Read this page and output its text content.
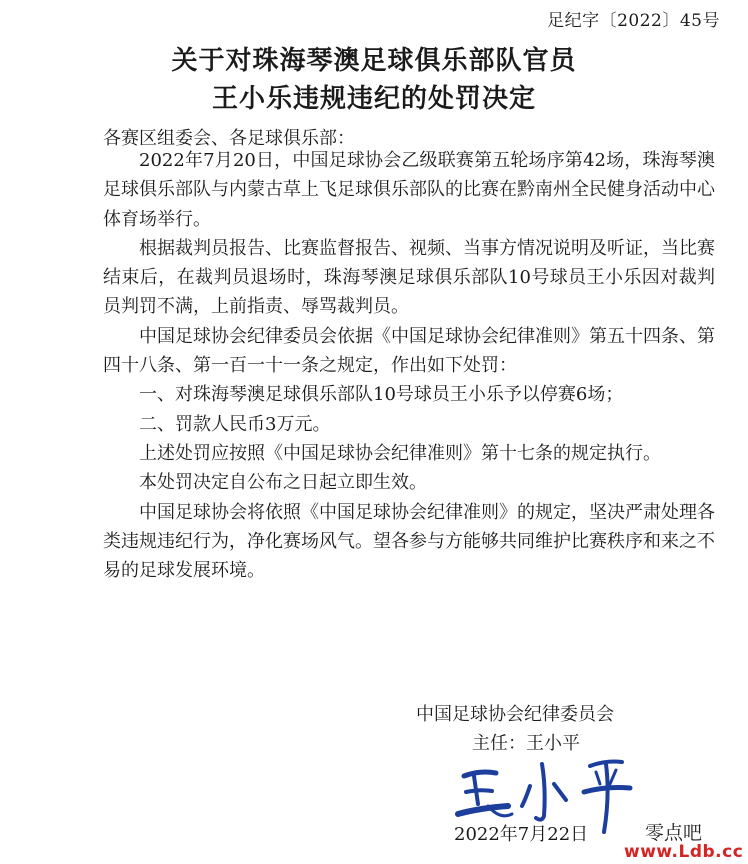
足纪字〔2022〕45号
关于对珠海琴澳足球俱乐部队官员
王小乐违规违纪的处罚决定
各赛区组委会、各足球俱乐部：

2022年7月20日，中国足球协会乙级联赛第五轮场序第42场，珠海琴澳足球俱乐部队与内蒙古草上飞足球俱乐部队的比赛在黔南州全民健身活动中心体育场举行。

根据裁判员报告、比赛监督报告、视频、当事方情况说明及听证，当比赛结束后，在裁判员退场时，珠海琴澳足球俱乐部队10号球员王小乐因对裁判员判罚不满，上前指责、辱骂裁判员。

中国足球协会纪律委员会依据《中国足球协会纪律准则》第五十四条、第四十八条、第一百一十一条之规定，作出如下处罚：

一、对珠海琴澳足球俱乐部队10号球员王小乐予以停赛6场；

二、罚款人民币3万元。

上述处罚应按照《中国足球协会纪律准则》第十七条的规定执行。

本处罚决定自公布之日起立即生效。

中国足球协会将依照《中国足球协会纪律准则》的规定，坚决严肃处理各类违规违纪行为，净化赛场风气。望各参与方能够共同维护比赛秩序和来之不易的足球发展环境。

中国足球协会纪律委员会
主任：王小平
2022年7月22日	零点吧
www.Ldb.cc
